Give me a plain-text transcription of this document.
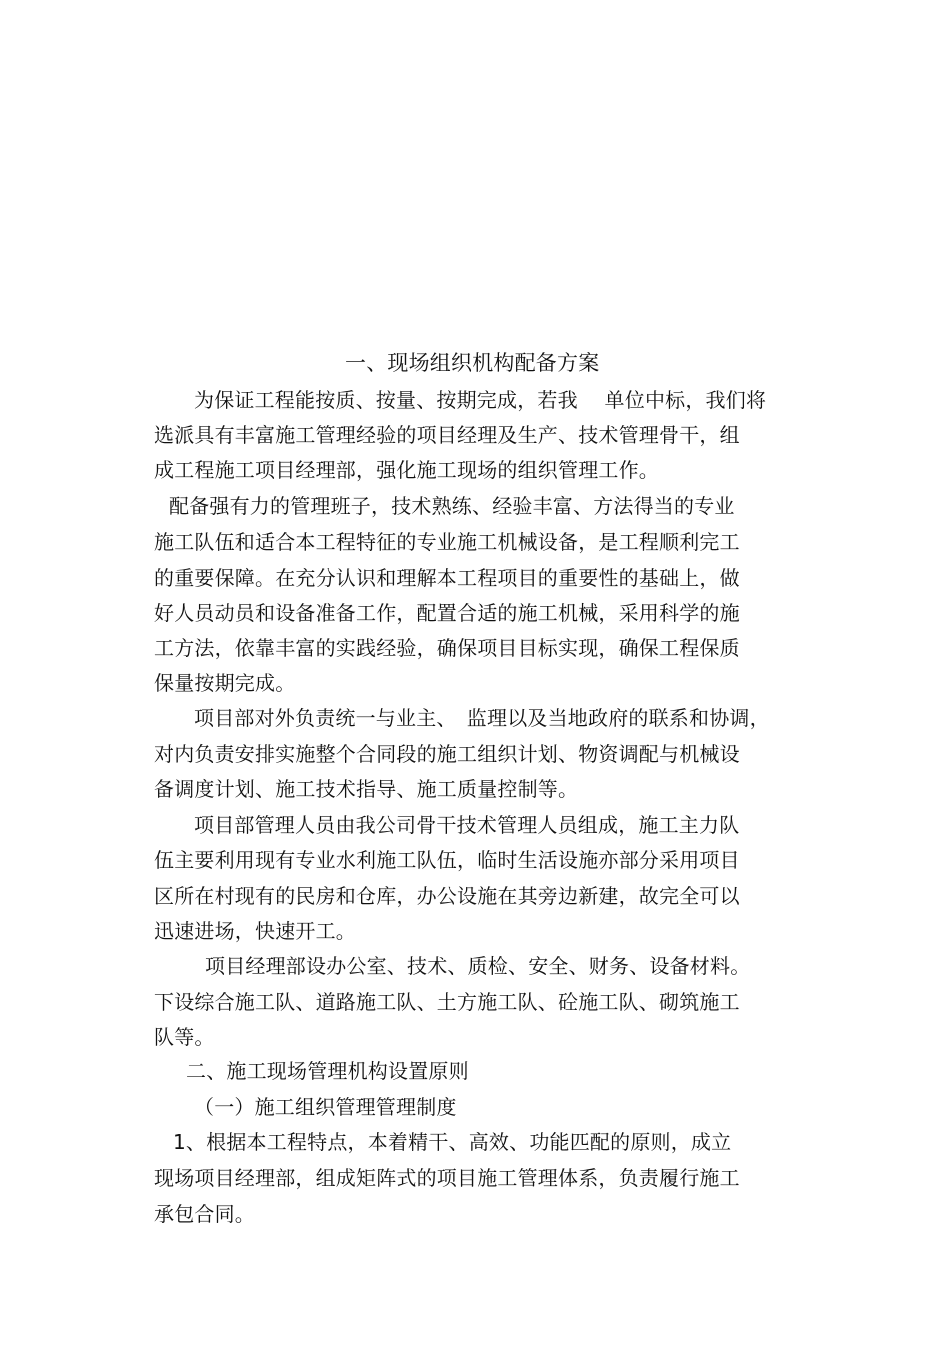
一、现场组织机构配备方案
为保证工程能按质、按量、按期完成，若我　 单位中标，我们将
选派具有丰富施工管理经验的项目经理及生产、技术管理骨干，组
成工程施工项目经理部，强化施工现场的组织管理工作。
配备强有力的管理班子，技术熟练、经验丰富、方法得当的专业
施工队伍和适合本工程特征的专业施工机械设备，是工程顺利完工
的重要保障。在充分认识和理解本工程项目的重要性的基础上，做
好人员动员和设备准备工作，配置合适的施工机械，采用科学的施
工方法，依靠丰富的实践经验，确保项目目标实现，确保工程保质
保量按期完成。
项目部对外负责统一与业主、　监理以及当地政府的联系和协调，
对内负责安排实施整个合同段的施工组织计划、物资调配与机械设
备调度计划、施工技术指导、施工质量控制等。
项目部管理人员由我公司骨干技术管理人员组成，施工主力队
伍主要利用现有专业水利施工队伍，临时生活设施亦部分采用项目
区所在村现有的民房和仓库，办公设施在其旁边新建，故完全可以
迅速进场，快速开工。
项目经理部设办公室、技术、质检、安全、财务、设备材料。
下设综合施工队、道路施工队、土方施工队、砼施工队、砌筑施工
队等。
二、施工现场管理机构设置原则
（一）施工组织管理管理制度
1、根据本工程特点，本着精干、高效、功能匹配的原则，成立
现场项目经理部，组成矩阵式的项目施工管理体系，负责履行施工
承包合同。
